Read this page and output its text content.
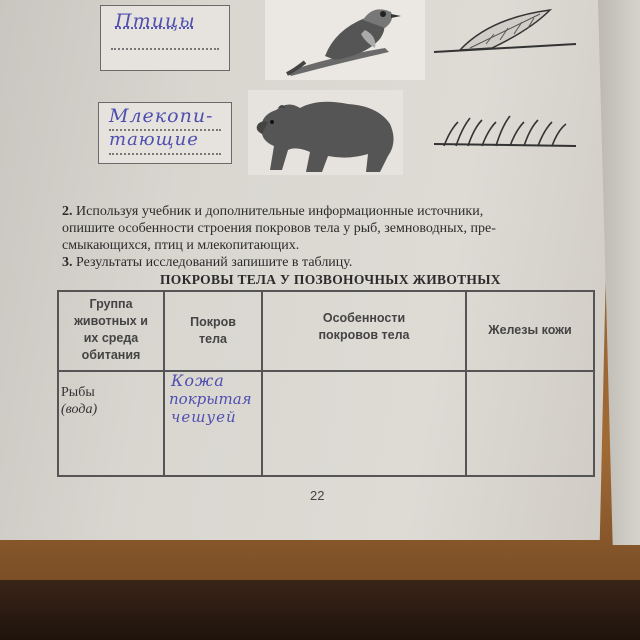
Птицы
Млекопи-
тающие
2. Используя учебник и дополнительные информационные источники,
опишите особенности строения покровов тела у рыб, земноводных, пре-
смыкающихся, птиц и млекопитающих.
3. Результаты исследований запишите в таблицу.
ПОКРОВЫ ТЕЛА У ПОЗВОНОЧНЫХ ЖИВОТНЫХ
Группа
животных и
их среда
обитания
Покров
тела
Особенности
покровов тела	Железы кожи
Рыбы
(вода)
Кожа
покрытая
чешуей
22
